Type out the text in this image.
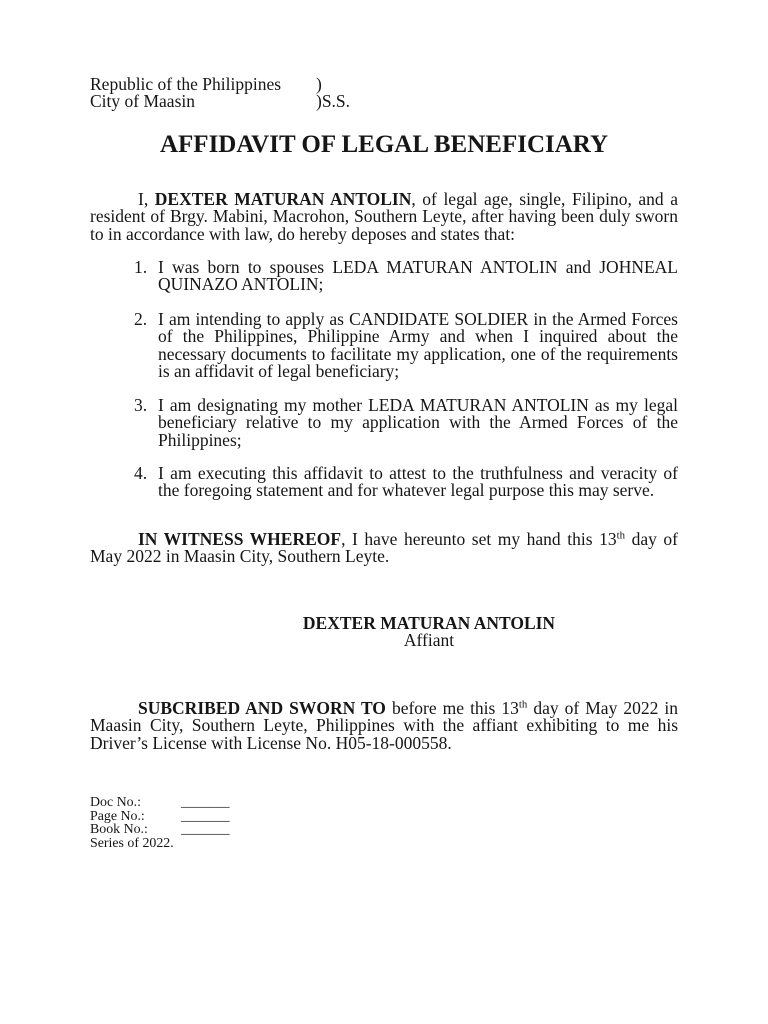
Republic of the Philippines )
City of Maasin	)S.S.
AFFIDAVIT OF LEGAL BENEFICIARY

I, DEXTER MATURAN ANTOLIN, of legal age, single, Filipino, and a resident of Brgy. Mabini, Macrohon, Southern Leyte, after having been duly sworn to in accordance with law, do hereby deposes and states that:

1. I was born to spouses LEDA MATURAN ANTOLIN and JOHNEAL QUINAZO ANTOLIN;
2. I am intending to apply as CANDIDATE SOLDIER in the Armed Forces of the Philippines, Philippine Army and when I inquired about the necessary documents to facilitate my application, one of the requirements is an affidavit of legal beneficiary;
3. I am designating my mother LEDA MATURAN ANTOLIN as my legal beneficiary relative to my application with the Armed Forces of the Philippines;
4. I am executing this affidavit to attest to the truthfulness and veracity of the foregoing statement and for whatever legal purpose this may serve.

IN WITNESS WHEREOF, I have hereunto set my hand this 13th day of May 2022 in Maasin City, Southern Leyte.

DEXTER MATURAN ANTOLIN
Affiant

SUBCRIBED AND SWORN TO before me this 13th day of May 2022 in Maasin City, Southern Leyte, Philippines with the affiant exhibiting to me his Driver’s License with License No. H05-18-000558.

Doc No.:	_______
Page No.:	_______
Book No.:	_______
Series of 2022.
